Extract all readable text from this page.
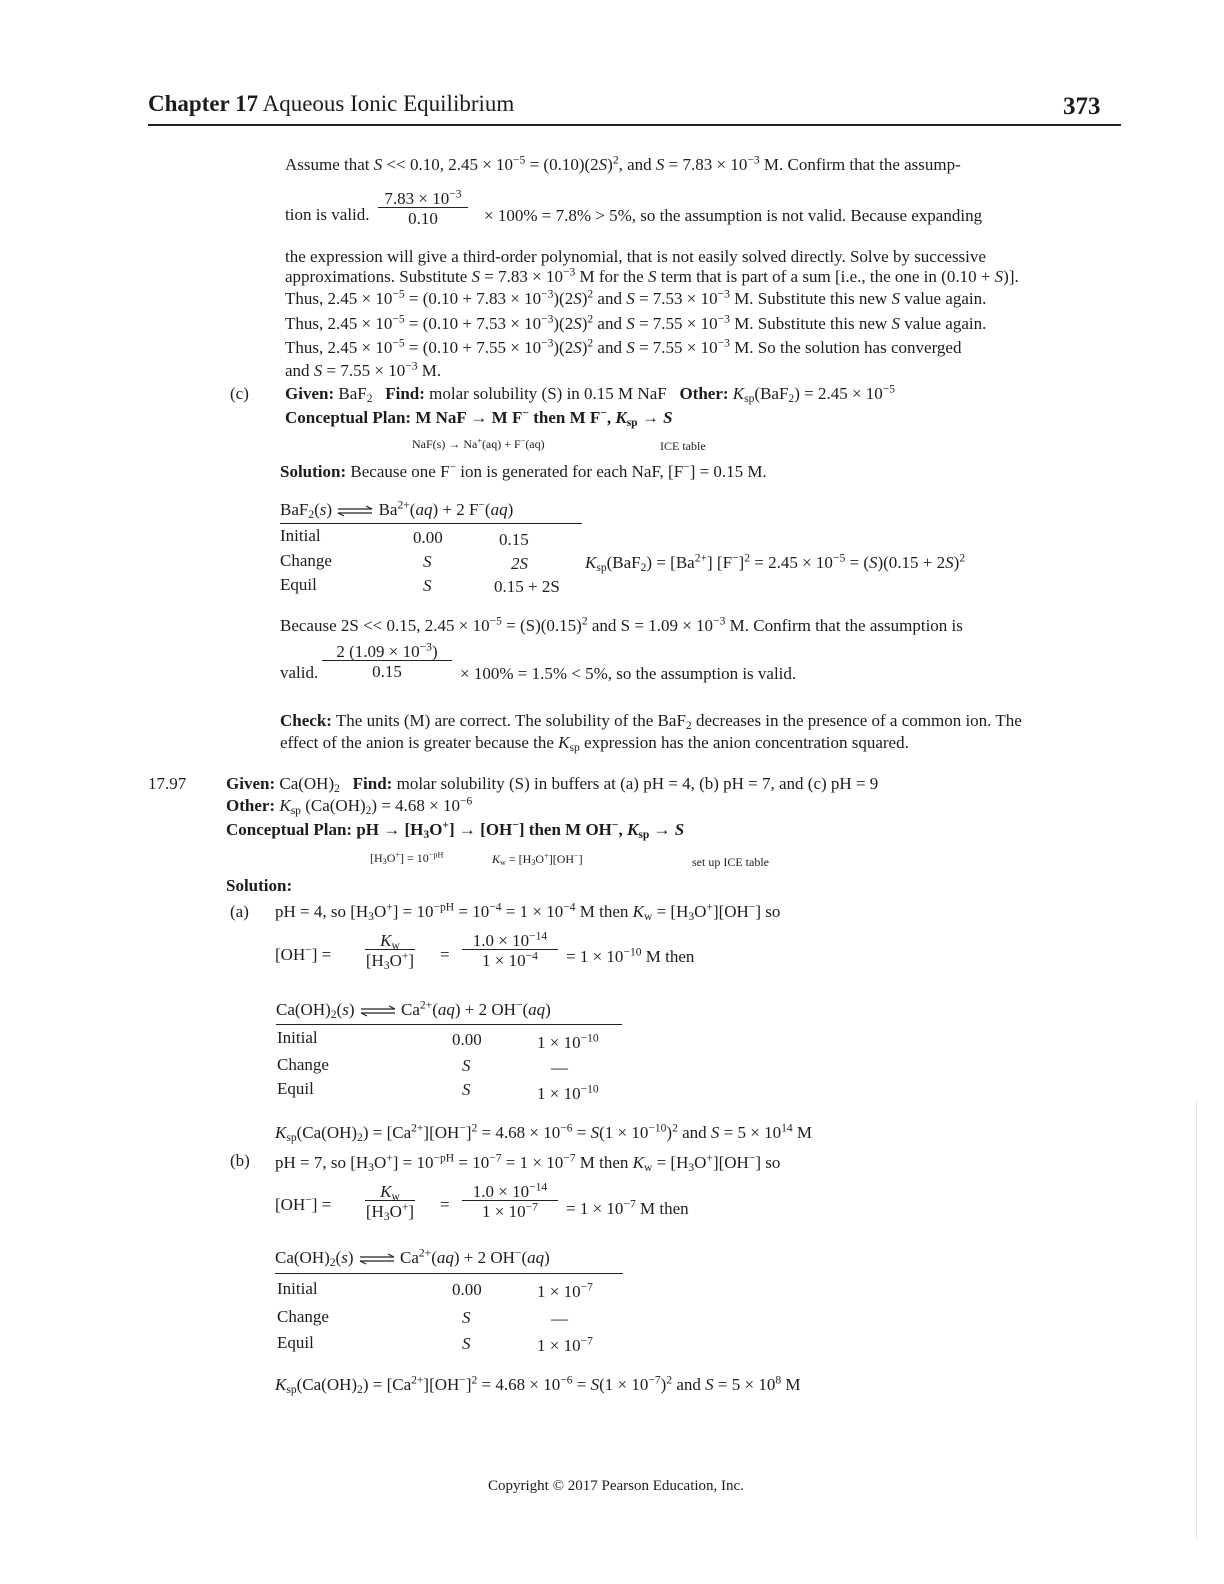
Chapter 17 Aqueous Ionic Equilibrium	373
Assume that S << 0.10, $2.45 \times 10^{-5} = (0.10)(2S)^2$, and $S = 7.83 \times 10^{-3}$ M. Confirm that the assump-
tion is valid. $\frac{7.83 \times 10^{-3}}{0.10} \times 100\% = 7.8\% > 5\%$, so the assumption is not valid. Because expanding
the expression will give a third-order polynomial, that is not easily solved directly. Solve by successive
approximations. Substitute $S = 7.83 \times 10^{-3}$ M for the S term that is part of a sum [i.e., the one in (0.10 + S)].
Thus, $2.45 \times 10^{-5} = (0.10 + 7.83 \times 10^{-3})(2S)^2$ and $S = 7.53 \times 10^{-3}$ M. Substitute this new S value again.
Thus, $2.45 \times 10^{-5} = (0.10 + 7.53 \times 10^{-3})(2S)^2$ and $S = 7.55 \times 10^{-3}$ M. Substitute this new S value again.
Thus, $2.45 \times 10^{-5} = (0.10 + 7.55 \times 10^{-3})(2S)^2$ and $S = 7.55 \times 10^{-3}$ M. So the solution has converged
and $S = 7.55 \times 10^{-3}$ M.
(c) Given: BaF$_2$ Find: molar solubility (S) in 0.15 M NaF Other: $K_{sp}(BaF_2) = 2.45 \times 10^{-5}$
Conceptual Plan: M NaF → M F− then M F−, $K_{sp} \to S$
NaF(s) → Na+(aq) + F−(aq)	ICE table
Solution: Because one F− ion is generated for each NaF, [F−] = 0.15 M.
BaF$_2$(s) ⇌ $Ba^{2+}(aq) + 2$ F−(aq)
Initial	0.00	0.15
Change	S	2S	$K_{sp}(BaF_2) = [Ba^{2+}] [F^-]^2 = 2.45 \times 10^{-5} = (S)(0.15 + 2S)^2$
Equil	S	0.15 + 2S
Because 2S << 0.15, $2.45 \times 10^{-5} = (S)(0.15)^2$ and $S = 1.09 \times 10^{-3}$ M. Confirm that the assumption is
valid. $\frac{2 (1.09 \times 10^{-3})}{0.15} \times 100\% = 1.5\% < 5\%$, so the assumption is valid.
Check: The units (M) are correct. The solubility of the BaF$_2$ decreases in the presence of a common ion. The
effect of the anion is greater because the $K_{sp}$ expression has the anion concentration squared.
17.97 Given: $Ca(OH)_2$ Find: molar solubility (S) in buffers at (a) pH = 4, (b) pH = 7, and (c) pH = 9
Other: $K_{sp}$ $(Ca(OH)_2) = 4.68 \times 10^{-6}$
Conceptual Plan: pH → $[H_3O^+] \to [OH^-]$ then M OH−, $K_{sp} \to S$
$[H_3O^+] = 10^{-pH}$	$K_w = [H_3O^+][OH^-]$	set up ICE table
Solution:
(a) pH = 4, so $[H_3O^+] = 10^{-pH} = 10^{-4} = 1 \times 10^{-4}$ M then $K_w = [H_3O^+][OH^-]$ so
$[OH^-] = \frac{K_w}{[H_3O^+]} = \frac{1.0 \times 10^{-14}}{1 \times 10^{-4}} = 1 \times 10^{-10}$ M then
$Ca(OH)_2(s)$ ⇌ $Ca^{2+}(aq) + 2$ OH−(aq)
Initial	0.00	$1 \times 10^{-10}$
Change	S	—
Equil	S	$1 \times 10^{-10}$
$K_{sp}(Ca(OH)_2) = [Ca^{2+}][OH^-]^2 = 4.68 \times 10^{-6} = S(1 \times 10^{-10})^2$ and $S = 5 \times 10^{14}$ M
(b) pH = 7, so $[H_3O^+] = 10^{-pH} = 10^{-7} = 1 \times 10^{-7}$ M then $K_w = [H_3O^+][OH^-]$ so
$[OH^-] = \frac{K_w}{[H_3O^+]} = \frac{1.0 \times 10^{-14}}{1 \times 10^{-7}} = 1 \times 10^{-7}$ M then
$Ca(OH)_2(s)$ ⇌ $Ca^{2+}(aq) + 2$ OH−(aq)
Initial	0.00	$1 \times 10^{-7}$
Change	S	—
Equil	S	$1 \times 10^{-7}$
$K_{sp}(Ca(OH)_2) = [Ca^{2+}][OH^-]^2 = 4.68 \times 10^{-6} = S(1 \times 10^{-7})^2$ and $S = 5 \times 10^8$ M
Copyright © 2017 Pearson Education, Inc.
